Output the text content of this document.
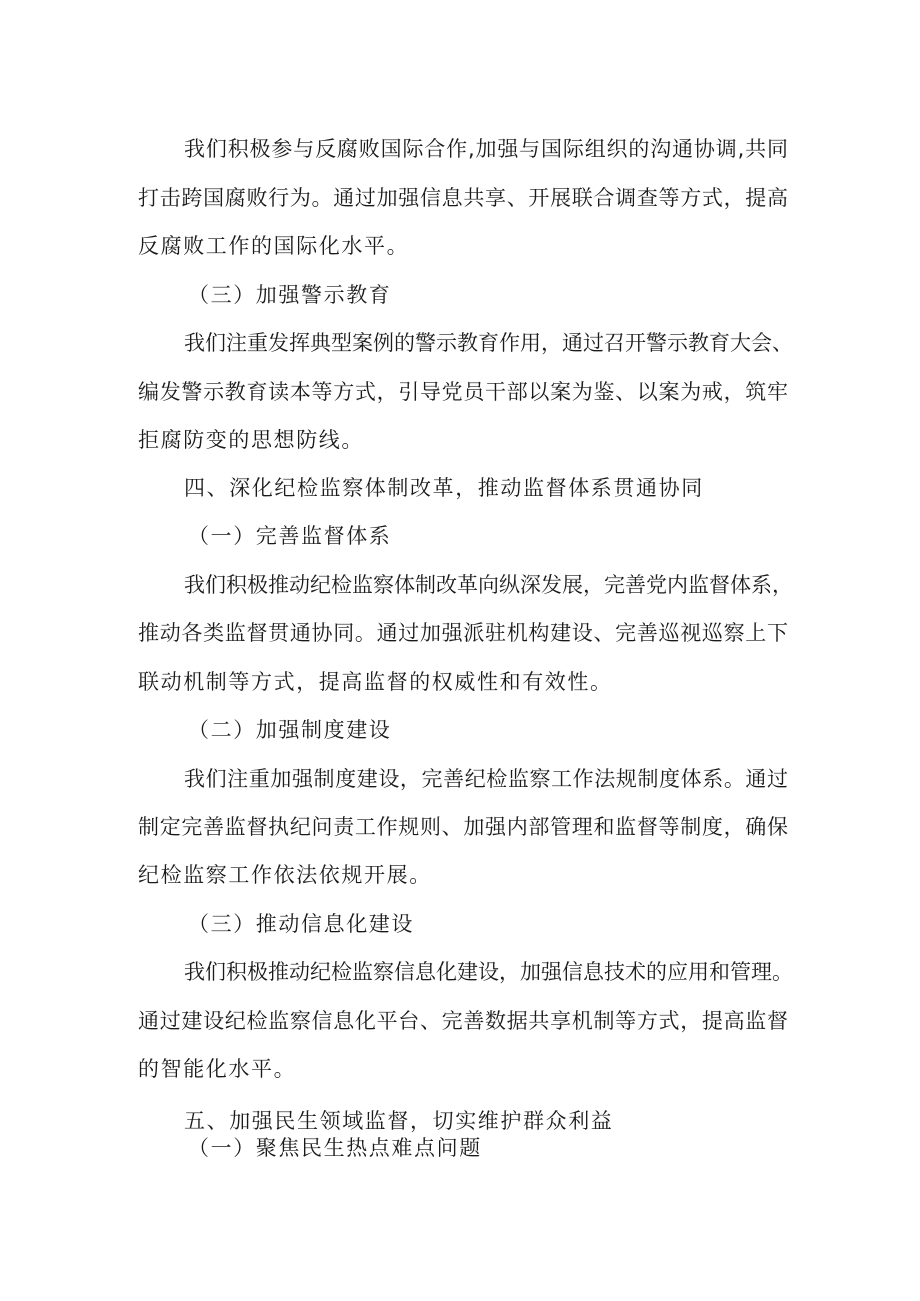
我们积极参与反腐败国际合作,加强与国际组织的沟通协调,共同
打击跨国腐败行为。通过加强信息共享、开展联合调查等方式，提高
反腐败工作的国际化水平。
（三）加强警示教育
我们注重发挥典型案例的警示教育作用，通过召开警示教育大会、
编发警示教育读本等方式，引导党员干部以案为鉴、以案为戒，筑牢
拒腐防变的思想防线。
四、深化纪检监察体制改革，推动监督体系贯通协同
（一）完善监督体系
我们积极推动纪检监察体制改革向纵深发展，完善党内监督体系，
推动各类监督贯通协同。通过加强派驻机构建设、完善巡视巡察上下
联动机制等方式，提高监督的权威性和有效性。
（二）加强制度建设
我们注重加强制度建设，完善纪检监察工作法规制度体系。通过
制定完善监督执纪问责工作规则、加强内部管理和监督等制度，确保
纪检监察工作依法依规开展。
（三）推动信息化建设
我们积极推动纪检监察信息化建设，加强信息技术的应用和管理。
通过建设纪检监察信息化平台、完善数据共享机制等方式，提高监督
的智能化水平。
五、加强民生领域监督，切实维护群众利益
（一）聚焦民生热点难点问题
